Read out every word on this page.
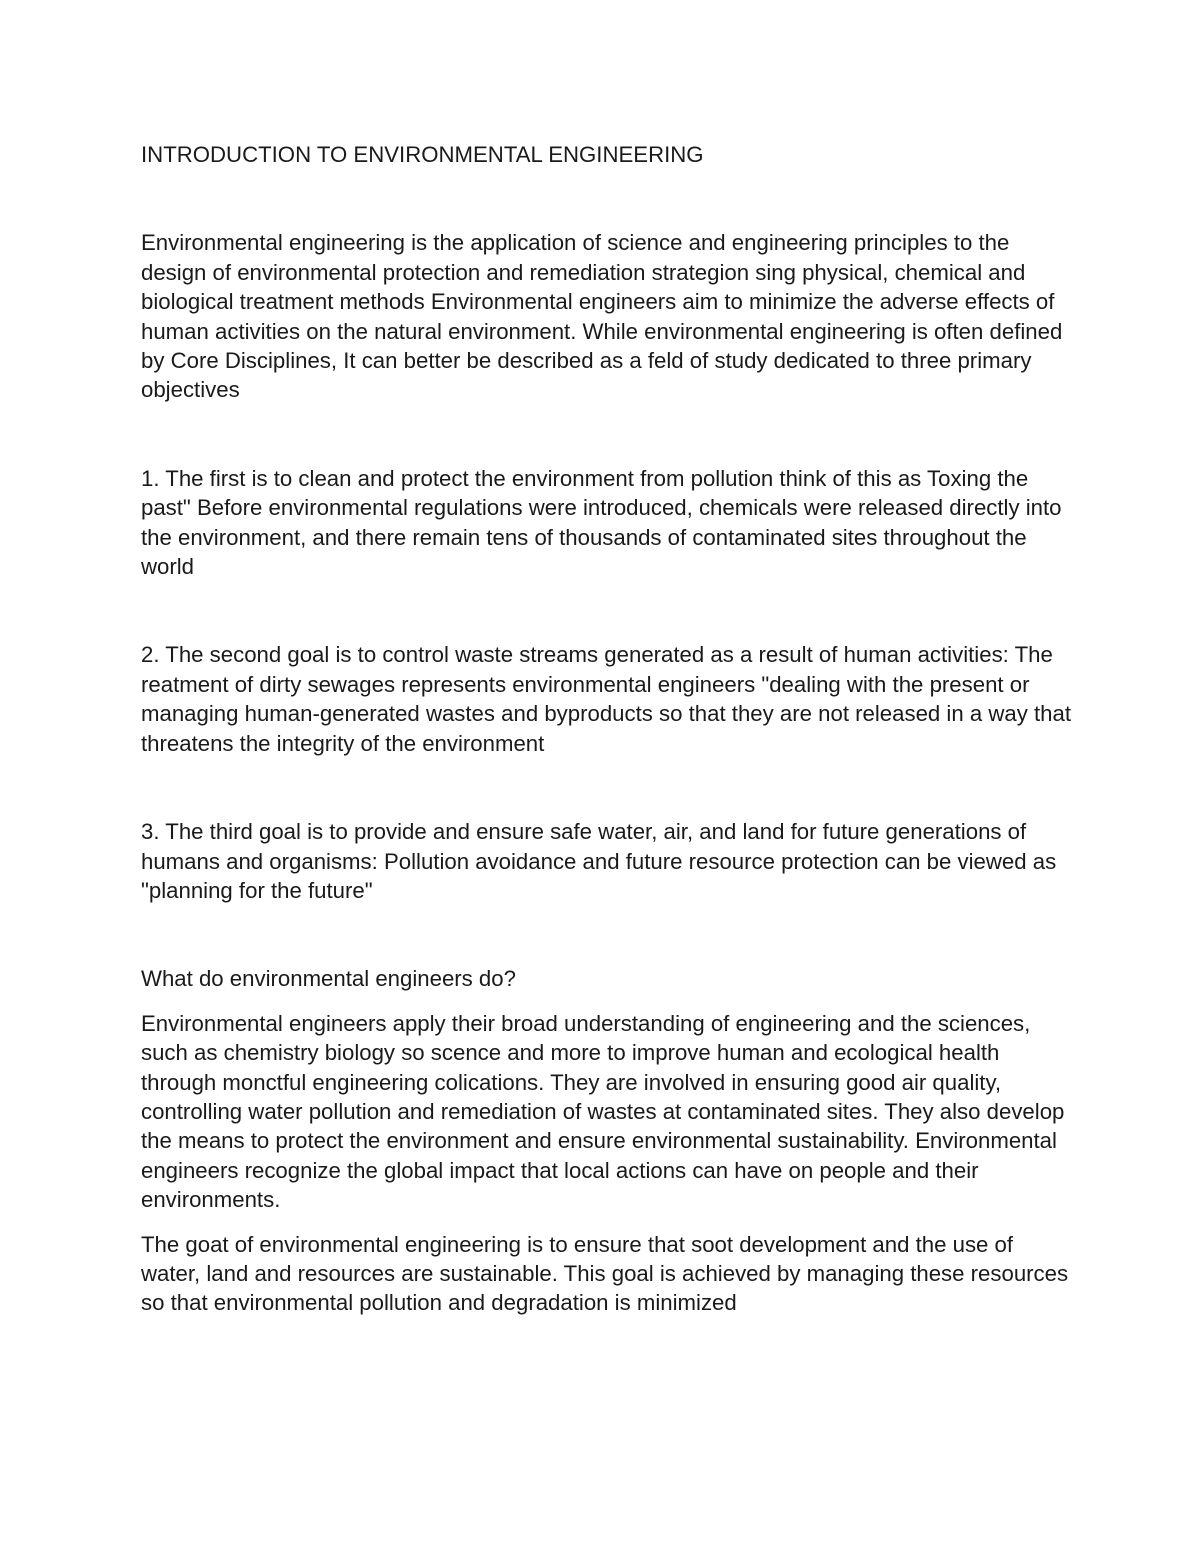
INTRODUCTION TO ENVIRONMENTAL ENGINEERING

Environmental engineering is the application of science and engineering principles to the design of environmental protection and remediation strategion sing physical, chemical and biological treatment methods Environmental engineers aim to minimize the adverse effects of human activities on the natural environment. While environmental engineering is often defined by Core Disciplines, It can better be described as a feld of study dedicated to three primary objectives

1. The first is to clean and protect the environment from pollution think of this as Toxing the past" Before environmental regulations were introduced, chemicals were released directly into the environment, and there remain tens of thousands of contaminated sites throughout the world

2. The second goal is to control waste streams generated as a result of human activities: The reatment of dirty sewages represents environmental engineers "dealing with the present or managing human-generated wastes and byproducts so that they are not released in a way that threatens the integrity of the environment

3. The third goal is to provide and ensure safe water, air, and land for future generations of humans and organisms: Pollution avoidance and future resource protection can be viewed as "planning for the future"

What do environmental engineers do?

Environmental engineers apply their broad understanding of engineering and the sciences, such as chemistry biology so scence and more to improve human and ecological health through monctful engineering colications. They are involved in ensuring good air quality, controlling water pollution and remediation of wastes at contaminated sites. They also develop the means to protect the environment and ensure environmental sustainability. Environmental engineers recognize the global impact that local actions can have on people and their environments.

The goat of environmental engineering is to ensure that soot development and the use of water, land and resources are sustainable. This goal is achieved by managing these resources so that environmental pollution and degradation is minimized
